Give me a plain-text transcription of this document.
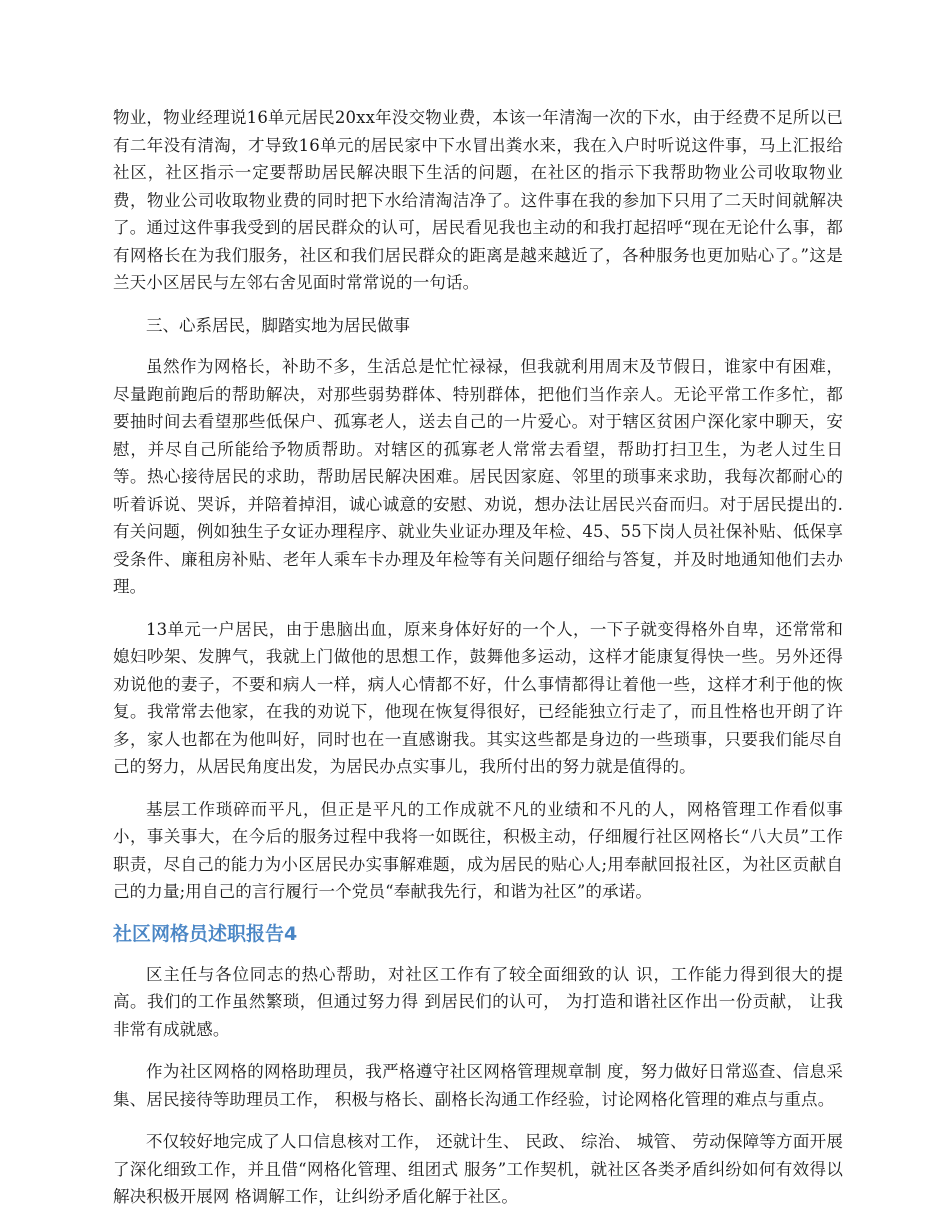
物业，物业经理说16单元居民20xx年没交物业费，本该一年清淘一次的下水，由于经费不足所以已有二年没有清淘，才导致16单元的居民家中下水冒出粪水来，我在入户时听说这件事，马上汇报给社区，社区指示一定要帮助居民解决眼下生活的问题，在社区的指示下我帮助物业公司收取物业费，物业公司收取物业费的同时把下水给清淘洁净了。这件事在我的参加下只用了二天时间就解决了。通过这件事我受到的居民群众的认可，居民看见我也主动的和我打起招呼“现在无论什么事，都有网格长在为我们服务，社区和我们居民群众的距离是越来越近了，各种服务也更加贴心了。”这是兰天小区居民与左邻右舍见面时常常说的一句话。

三、心系居民，脚踏实地为居民做事

虽然作为网格长，补助不多，生活总是忙忙禄禄，但我就利用周末及节假日，谁家中有困难，尽量跑前跑后的帮助解决，对那些弱势群体、特别群体，把他们当作亲人。无论平常工作多忙，都要抽时间去看望那些低保户、孤寡老人，送去自己的一片爱心。对于辖区贫困户深化家中聊天，安慰，并尽自己所能给予物质帮助。对辖区的孤寡老人常常去看望，帮助打扫卫生，为老人过生日等。热心接待居民的求助，帮助居民解决困难。居民因家庭、邻里的琐事来求助，我每次都耐心的听着诉说、哭诉，并陪着掉泪，诚心诚意的安慰、劝说，想办法让居民兴奋而归。对于居民提出的.有关问题，例如独生子女证办理程序、就业失业证办理及年检、45、55下岗人员社保补贴、低保享受条件、廉租房补贴、老年人乘车卡办理及年检等有关问题仔细给与答复，并及时地通知他们去办理。

13单元一户居民，由于患脑出血，原来身体好好的一个人，一下子就变得格外自卑，还常常和媳妇吵架、发脾气，我就上门做他的思想工作，鼓舞他多运动，这样才能康复得快一些。另外还得劝说他的妻子，不要和病人一样，病人心情都不好，什么事情都得让着他一些，这样才利于他的恢复。我常常去他家，在我的劝说下，他现在恢复得很好，已经能独立行走了，而且性格也开朗了许多，家人也都在为他叫好，同时也在一直感谢我。其实这些都是身边的一些琐事，只要我们能尽自己的努力，从居民角度出发，为居民办点实事儿，我所付出的努力就是值得的。

基层工作琐碎而平凡，但正是平凡的工作成就不凡的业绩和不凡的人，网格管理工作看似事小，事关事大，在今后的服务过程中我将一如既往，积极主动，仔细履行社区网格长“八大员”工作职责，尽自己的能力为小区居民办实事解难题，成为居民的贴心人;用奉献回报社区，为社区贡献自己的力量;用自己的言行履行一个党员“奉献我先行，和谐为社区”的承诺。

社区网格员述职报告4

区主任与各位同志的热心帮助，对社区工作有了较全面细致的认 识，工作能力得到很大的提高。我们的工作虽然繁琐，但通过努力得 到居民们的认可， 为打造和谐社区作出一份贡献， 让我非常有成就感。

作为社区网格的网格助理员，我严格遵守社区网格管理规章制 度，努力做好日常巡查、信息采集、居民接待等助理员工作， 积极与格长、副格长沟通工作经验，讨论网格化管理的难点与重点。

不仅较好地完成了人口信息核对工作， 还就计生、 民政、 综治、 城管、 劳动保障等方面开展了深化细致工作，并且借“网格化管理、组团式 服务”工作契机，就社区各类矛盾纠纷如何有效得以解决积极开展网 格调解工作，让纠纷矛盾化解于社区。
